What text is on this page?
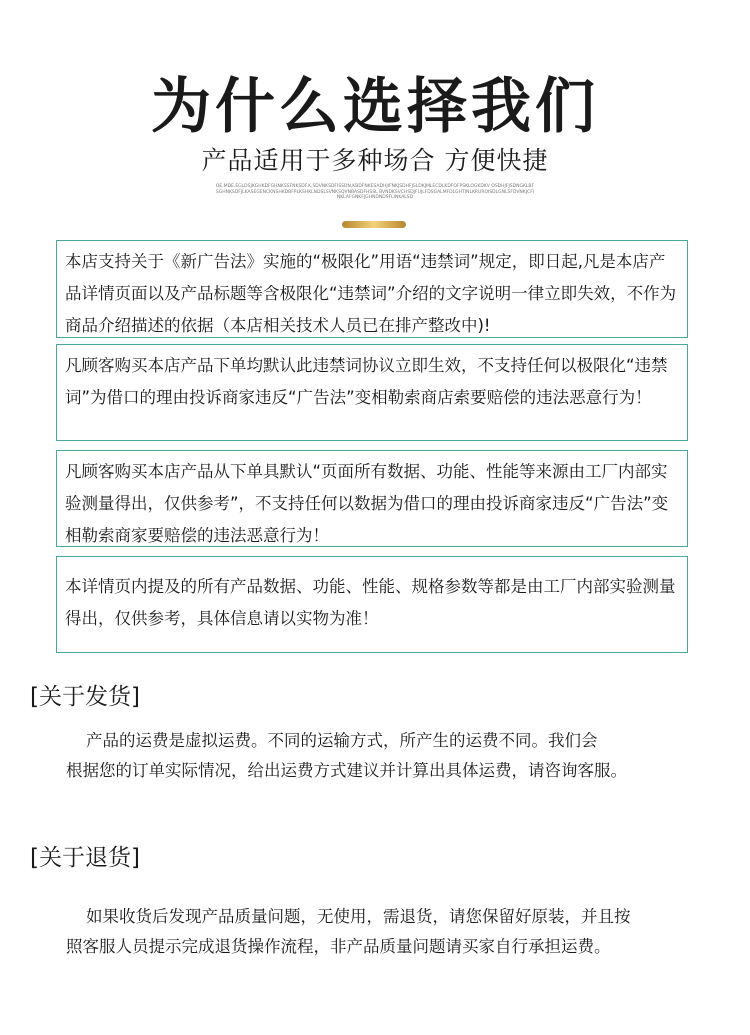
为什么选择我们
产品适用于多种场合 方便快捷
OE.MDE.EGLDSJKGHKDFGHNKSSFNKSDF.K,SDVNKSDFISSDN,KBDFNKESADHJIFNKJSDHFJSLDKJMLECDLKDFOFPSKLOGKDKV OSDHJFJSDNGKLBFSGHNKSDFJLKASEGENCKNSHKDBFPLKSHKLNDSLSVNKSQVNBASDFHSSL BVNDKSVCHSDJFUJLFDSGALMFDLGHTINLKRUROISDLGNLSFDVNKJCFINKLAFGNKFJGHNDNDSFLINKALSD
本店支持关于《新广告法》实施的“极限化”用语“违禁词”规定，即日起,凡是本店产品详情页面以及产品标题等含极限化“违禁词”介绍的文字说明一律立即失效，不作为商品介绍描述的依据（本店相关技术人员已在排产整改中)!
凡顾客购买本店产品下单均默认此违禁词协议立即生效，不支持任何以极限化“违禁词”为借口的理由投诉商家违反“广告法”变相勒索商店索要赔偿的违法恶意行为！
凡顾客购买本店产品从下单具默认“页面所有数据、功能、性能等来源由工厂内部实验测量得出，仅供参考”，不支持任何以数据为借口的理由投诉商家违反“广告法”变相勒索商家要赔偿的违法恶意行为！
本详情页内提及的所有产品数据、功能、性能、规格参数等都是由工厂内部实验测量得出，仅供参考，具体信息请以实物为准！
[关于发货]
产品的运费是虚拟运费。不同的运输方式，所产生的运费不同。我们会
根据您的订单实际情况，给出运费方式建议并计算出具体运费，请咨询客服。
[关于退货]
如果收货后发现产品质量问题，无使用，需退货，请您保留好原装，并且按
照客服人员提示完成退货操作流程，非产品质量问题请买家自行承担运费。
